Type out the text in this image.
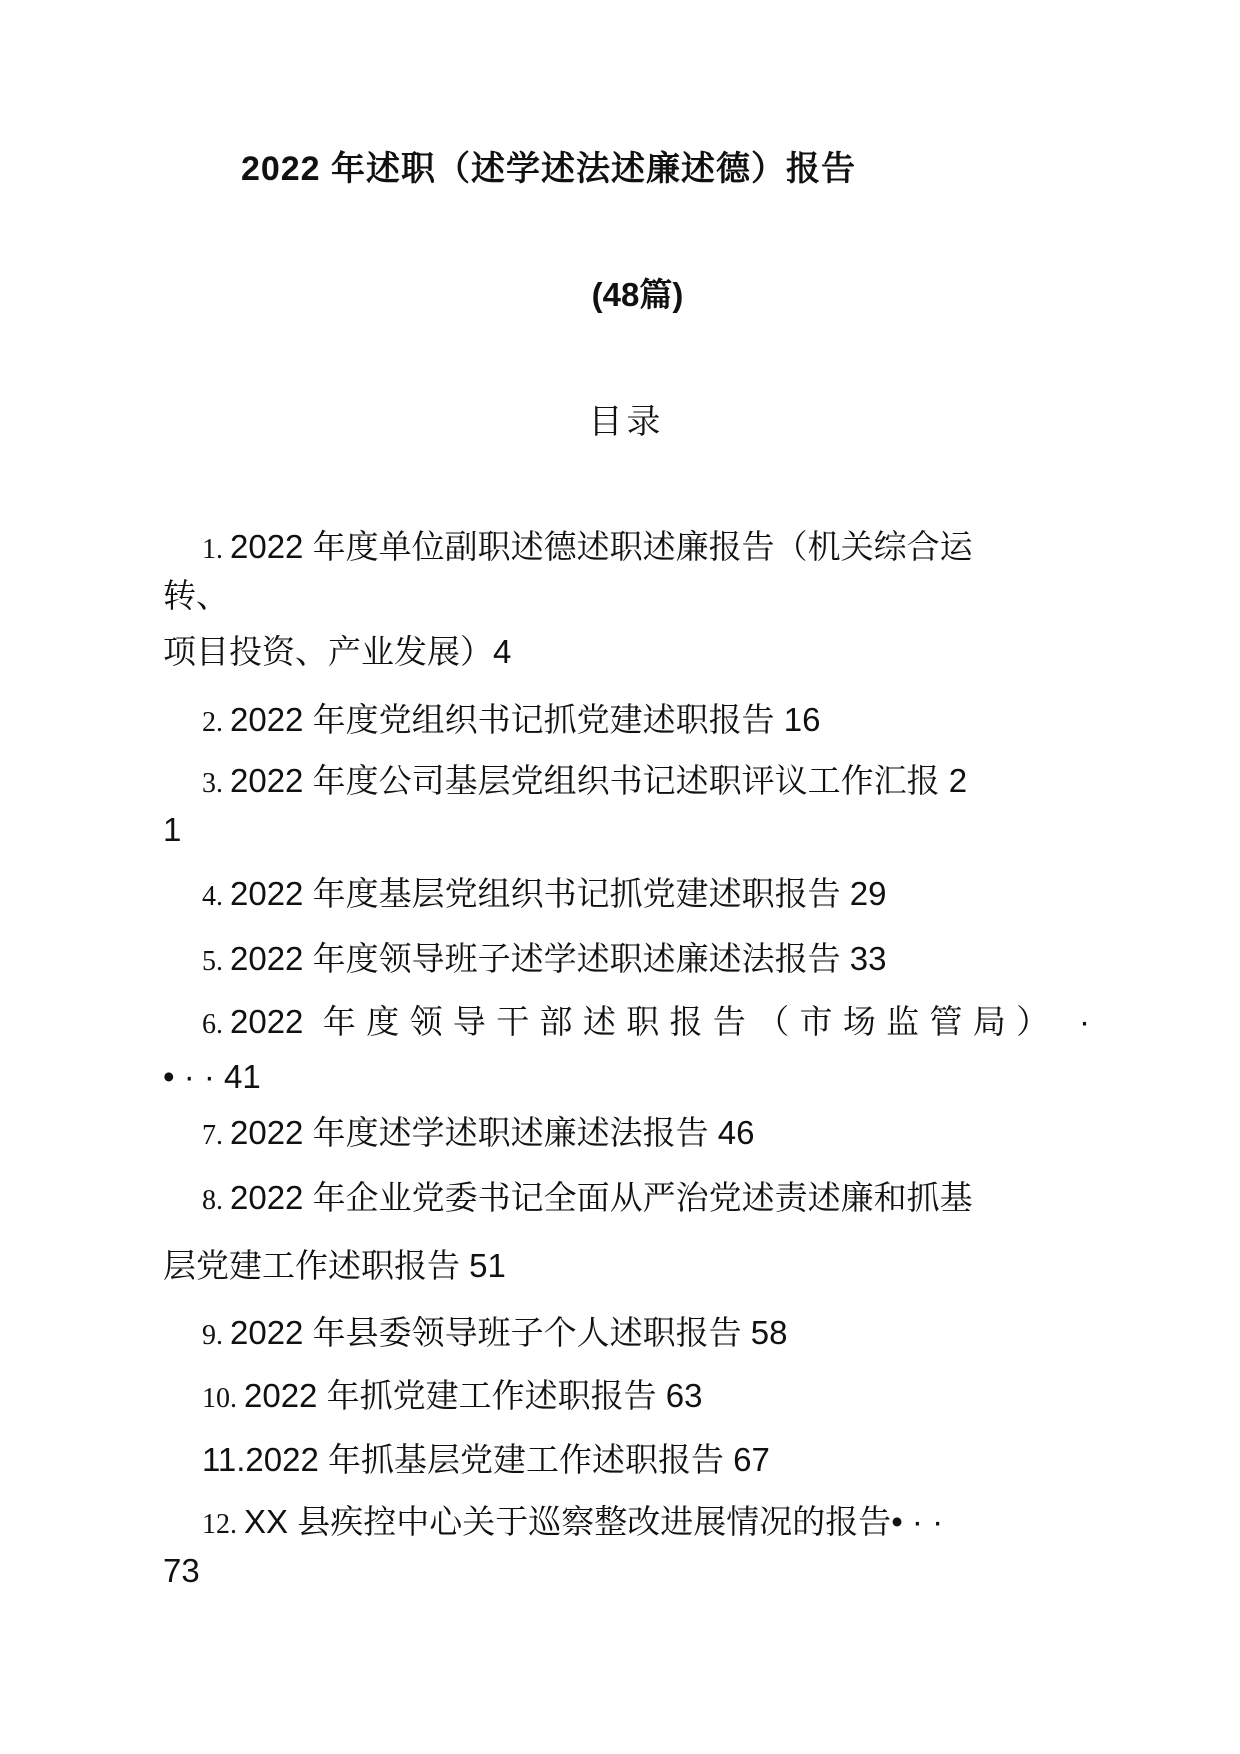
2022 年述职（述学述法述廉述德）报告
(48篇)
目录
1. 2022 年度单位副职述德述职述廉报告（机关综合运
转、
项目投资、产业发展）4
2. 2022 年度党组织书记抓党建述职报告 16
3. 2022 年度公司基层党组织书记述职评议工作汇报 2
1
4. 2022 年度基层党组织书记抓党建述职报告 29
5. 2022 年度领导班子述学述职述廉述法报告 33
6. 2022 年度领导干部述职报告（市场监管局） ·
• · · 41
7. 2022 年度述学述职述廉述法报告 46
8. 2022 年企业党委书记全面从严治党述责述廉和抓基
层党建工作述职报告 51
9. 2022 年县委领导班子个人述职报告 58
10. 2022 年抓党建工作述职报告 63
11.2022 年抓基层党建工作述职报告 67
12. XX 县疾控中心关于巡察整改进展情况的报告• · ·
73
